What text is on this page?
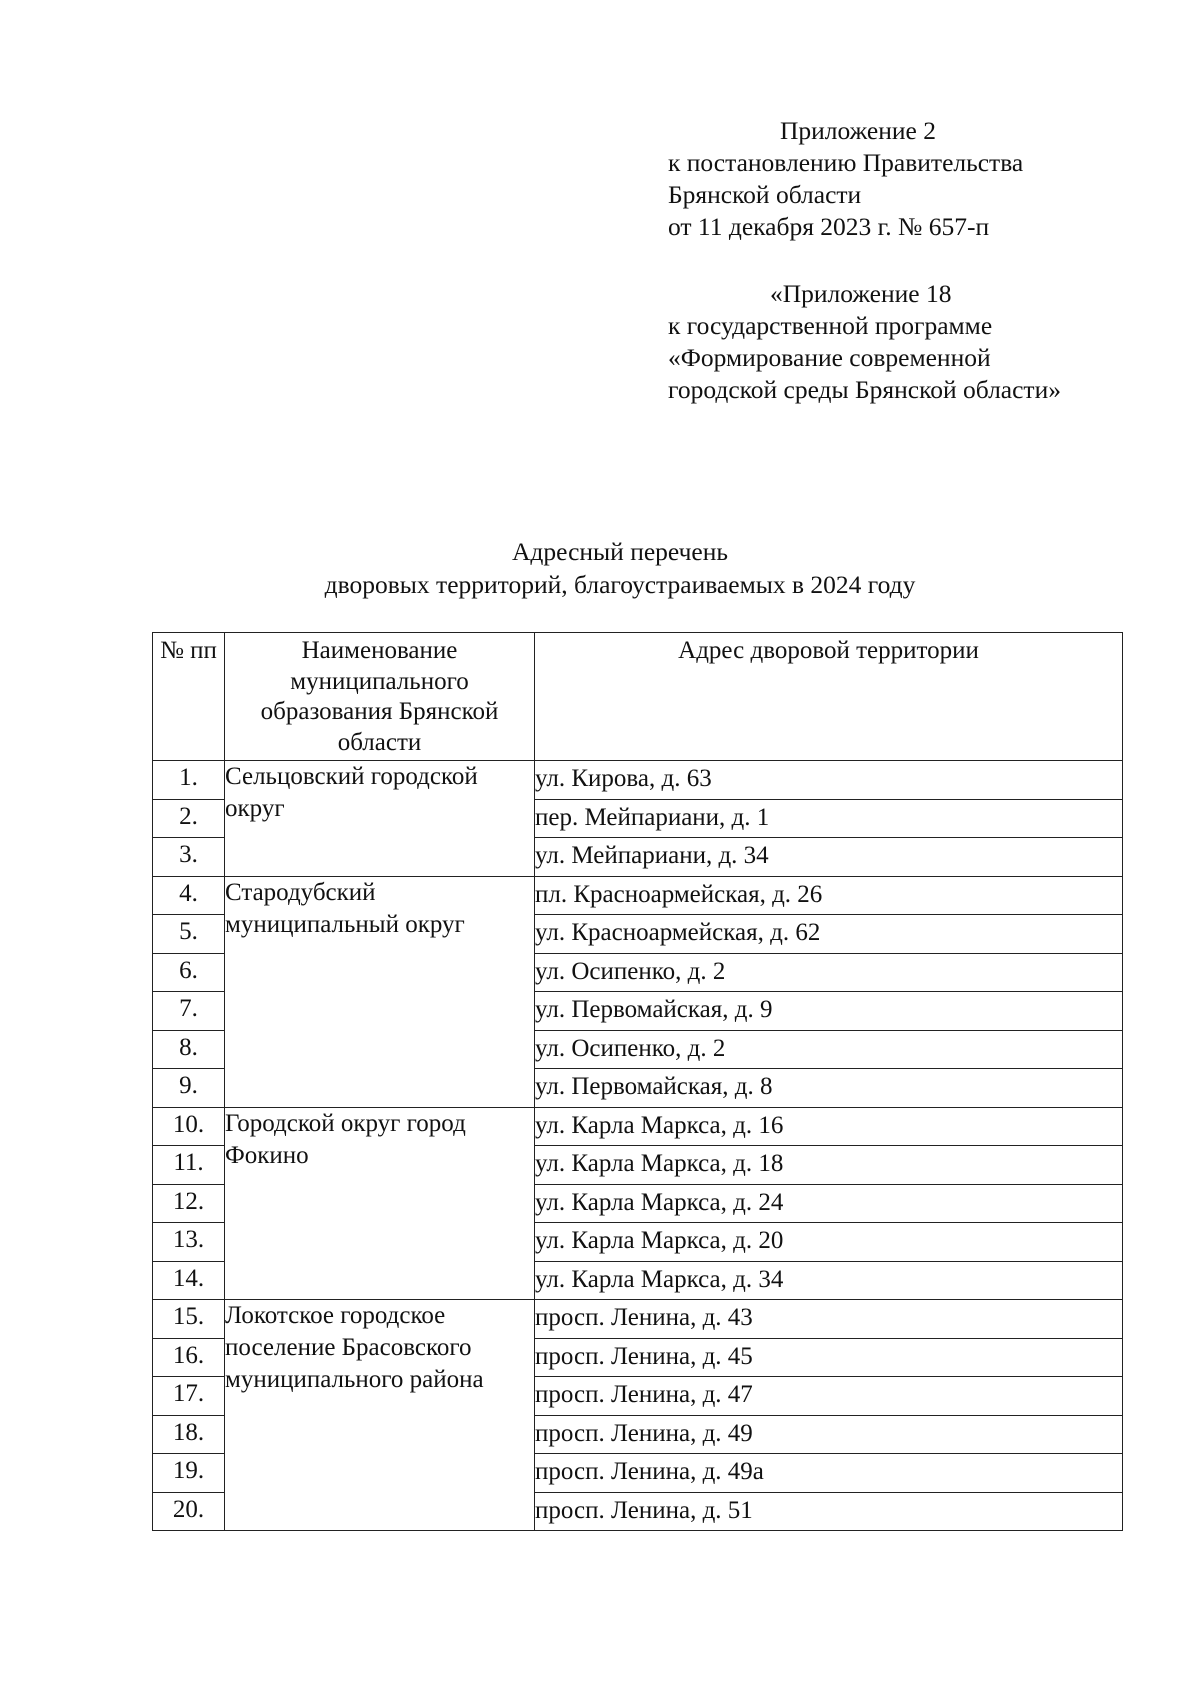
Приложение 2
к постановлению Правительства
Брянской области
от 11 декабря 2023 г. № 657-п
«Приложение 18
к государственной программе
«Формирование современной
городской среды Брянской области»
Адресный перечень
дворовых территорий, благоустраиваемых в 2024 году
№ пп	Наименование муниципального образования Брянской области	Адрес дворовой территории
1.	Сельцовский городской округ	ул. Кирова, д. 63
2.		пер. Мейпариани, д. 1
3.		ул. Мейпариани, д. 34
4.	Стародубский муниципальный округ	пл. Красноармейская, д. 26
5.		ул. Красноармейская, д. 62
6.		ул. Осипенко, д. 2
7.		ул. Первомайская, д. 9
8.		ул. Осипенко, д. 2
9.		ул. Первомайская, д. 8
10.	Городской округ город Фокино	ул. Карла Маркса, д. 16
11.		ул. Карла Маркса, д. 18
12.		ул. Карла Маркса, д. 24
13.		ул. Карла Маркса, д. 20
14.		ул. Карла Маркса, д. 34
15.	Локотское городское поселение Брасовского муниципального района	просп. Ленина, д. 43
16.		просп. Ленина, д. 45
17.		просп. Ленина, д. 47
18.		просп. Ленина, д. 49
19.		просп. Ленина, д. 49а
20.		просп. Ленина, д. 51
